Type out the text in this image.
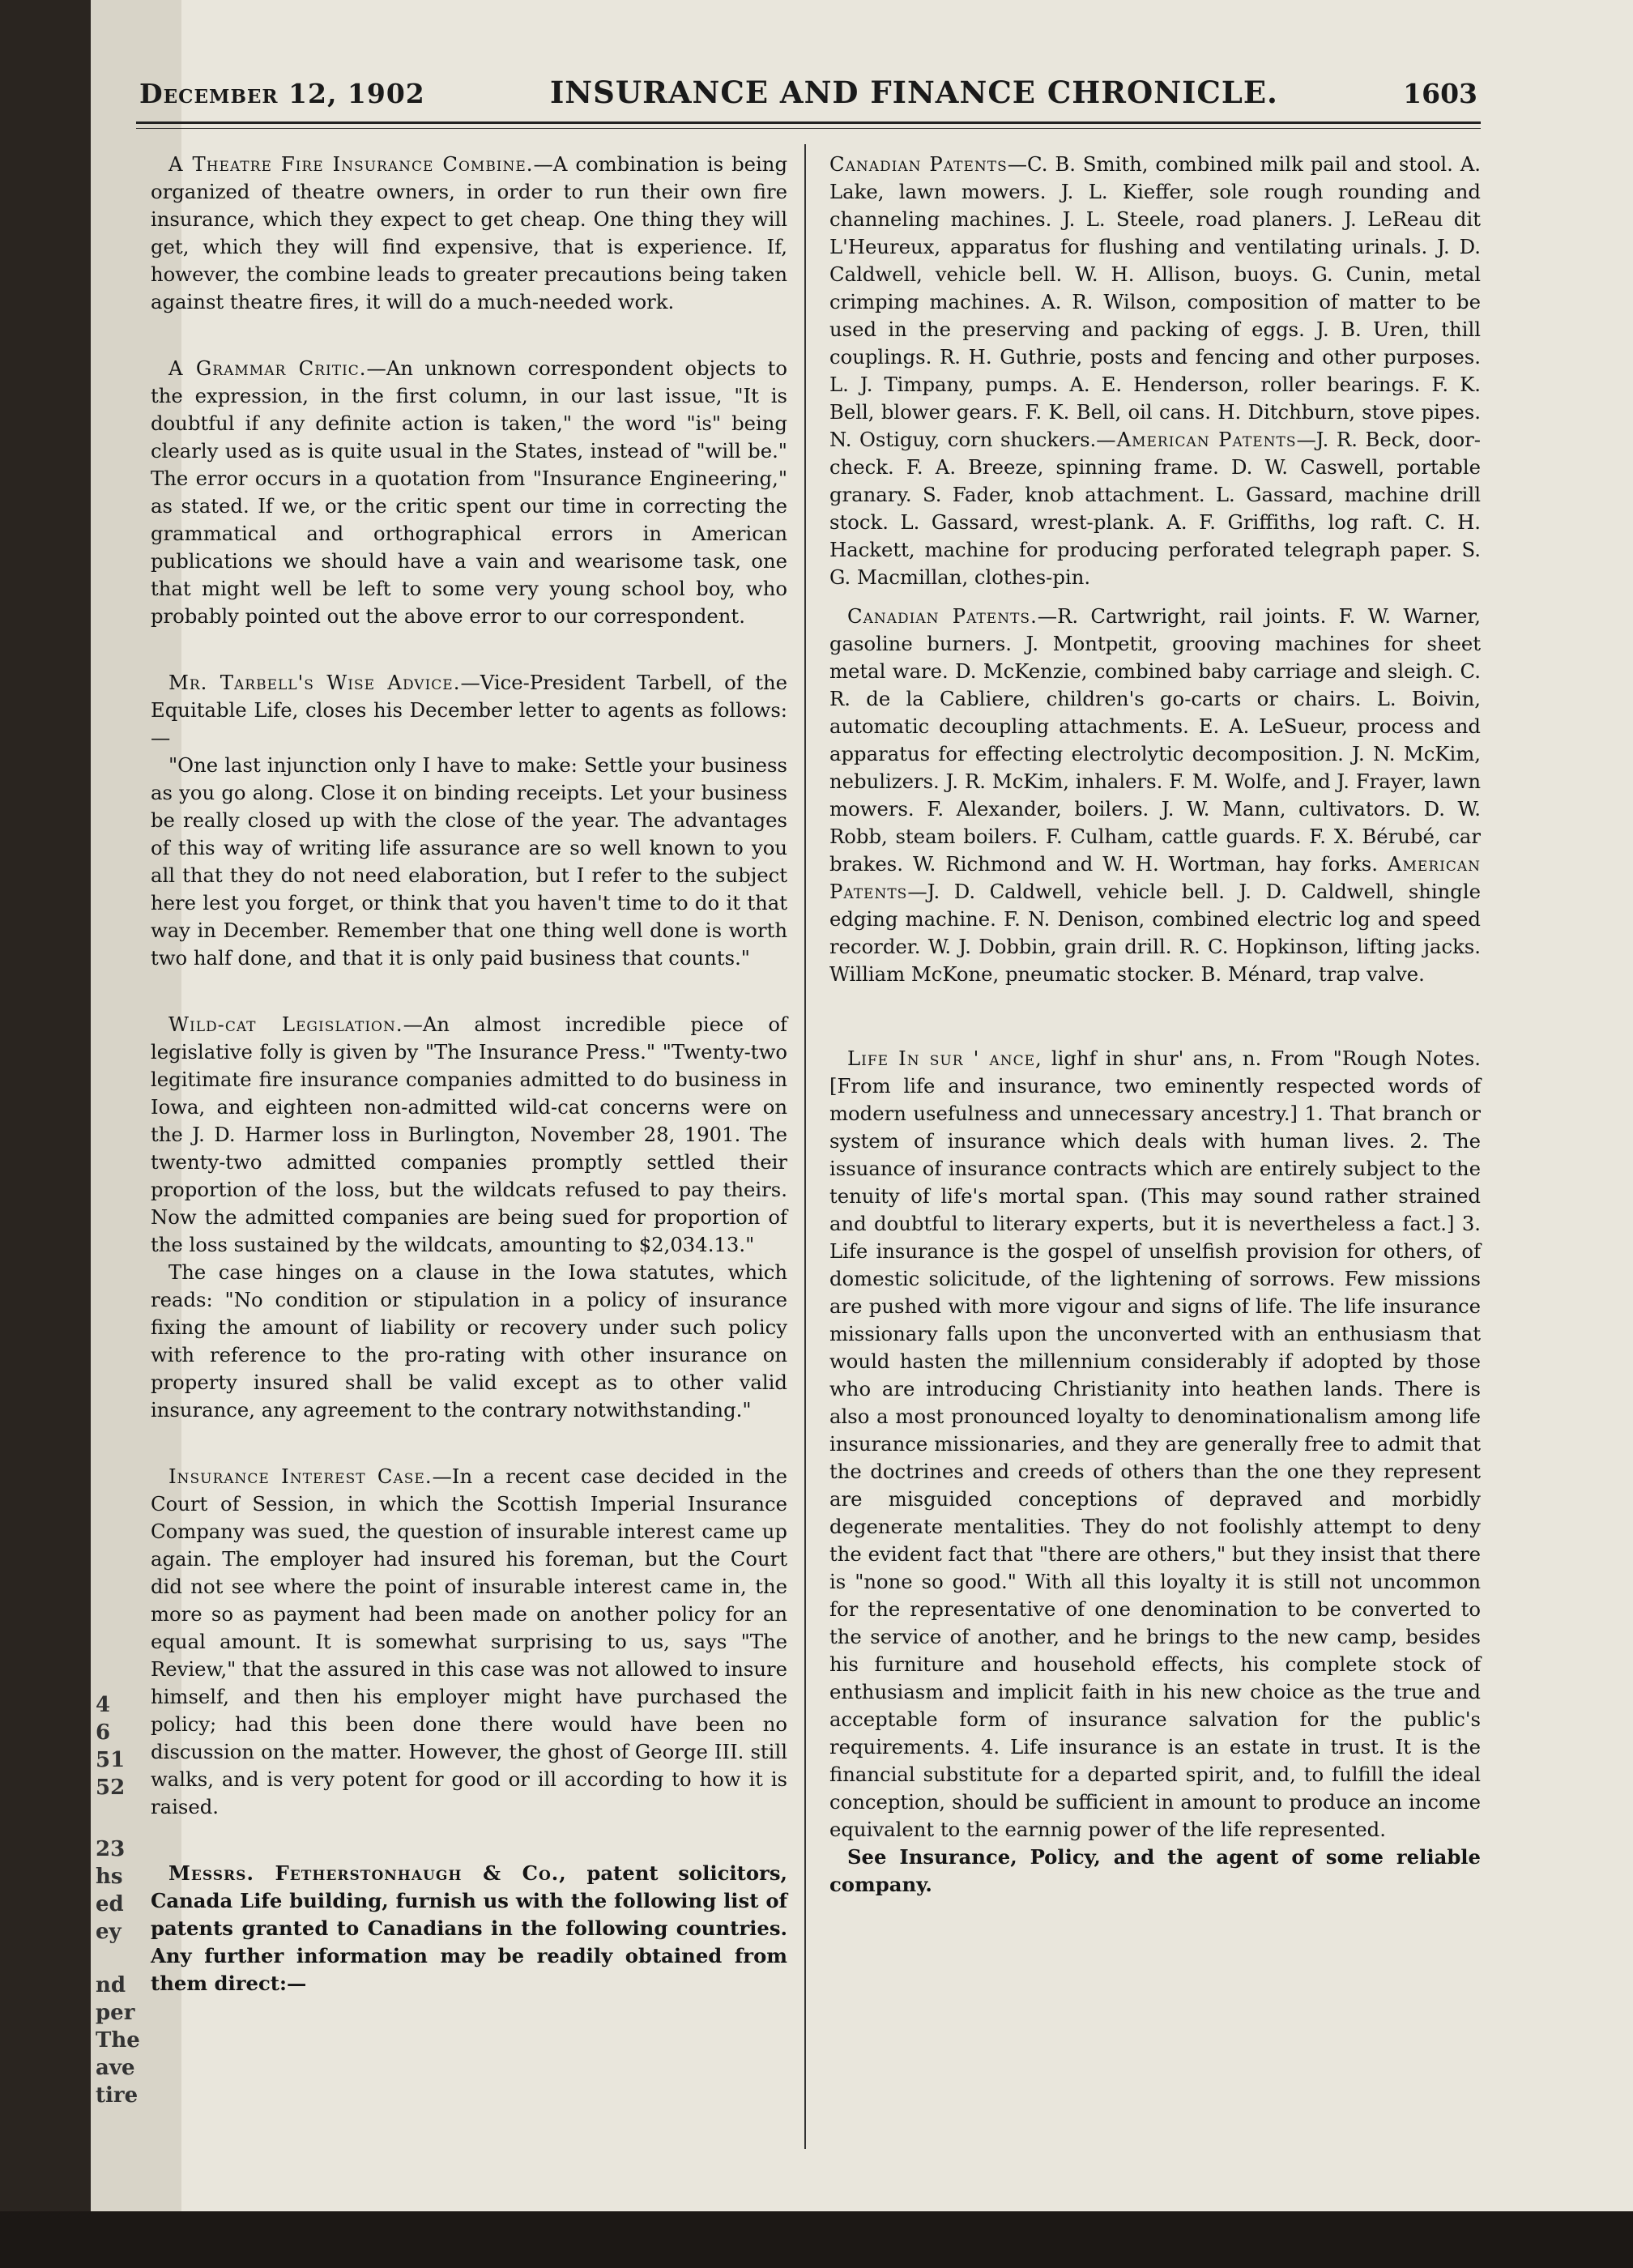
4
6
51
52
23
hs
ed
ey
nd
per
The
ave
tire
December 12, 1902	INSURANCE AND FINANCE CHRONICLE.	1603

A Theatre Fire Insurance Combine.—A combination is being organized of theatre owners, in order to run their own fire insurance, which they expect to get cheap. One thing they will get, which they will find expensive, that is experience. If, however, the combine leads to greater precautions being taken against theatre fires, it will do a much-needed work.

A Grammar Critic.—An unknown correspondent objects to the expression, in the first column, in our last issue, "It is doubtful if any definite action is taken," the word "is" being clearly used as is quite usual in the States, instead of "will be." The error occurs in a quotation from "Insurance Engineering," as stated. If we, or the critic spent our time in correcting the grammatical and orthographical errors in American publications we should have a vain and wearisome task, one that might well be left to some very young school boy, who probably pointed out the above error to our correspondent.

Mr. Tarbell's Wise Advice.—Vice-President Tarbell, of the Equitable Life, closes his December letter to agents as follows:—

"One last injunction only I have to make: Settle your business as you go along. Close it on binding receipts. Let your business be really closed up with the close of the year. The advantages of this way of writing life assurance are so well known to you all that they do not need elaboration, but I refer to the subject here lest you forget, or think that you haven't time to do it that way in December. Remember that one thing well done is worth two half done, and that it is only paid business that counts."

Wild-cat Legislation.—An almost incredible piece of legislative folly is given by "The Insurance Press." "Twenty-two legitimate fire insurance companies admitted to do business in Iowa, and eighteen non-admitted wild-cat concerns were on the J. D. Harmer loss in Burlington, November 28, 1901. The twenty-two admitted companies promptly settled their proportion of the loss, but the wildcats refused to pay theirs. Now the admitted companies are being sued for proportion of the loss sustained by the wildcats, amounting to $2,034.13."

The case hinges on a clause in the Iowa statutes, which reads: "No condition or stipulation in a policy of insurance fixing the amount of liability or recovery under such policy with reference to the pro-rating with other insurance on property insured shall be valid except as to other valid insurance, any agreement to the contrary notwithstanding."

Insurance Interest Case.—In a recent case decided in the Court of Session, in which the Scottish Imperial Insurance Company was sued, the question of insurable interest came up again. The employer had insured his foreman, but the Court did not see where the point of insurable interest came in, the more so as payment had been made on another policy for an equal amount. It is somewhat surprising to us, says "The Review," that the assured in this case was not allowed to insure himself, and then his employer might have purchased the policy; had this been done there would have been no discussion on the matter. However, the ghost of George III. still walks, and is very potent for good or ill according to how it is raised.

Messrs. Fetherstonhaugh & Co., patent solicitors, Canada Life building, furnish us with the following list of patents granted to Canadians in the following countries. Any further information may be readily obtained from them direct:—

Canadian Patents—C. B. Smith, combined milk pail and stool. A. Lake, lawn mowers. J. L. Kieffer, sole rough rounding and channeling machines. J. L. Steele, road planers. J. LeReau dit L'Heureux, apparatus for flushing and ventilating urinals. J. D. Caldwell, vehicle bell. W. H. Allison, buoys. G. Cunin, metal crimping machines. A. R. Wilson, composition of matter to be used in the preserving and packing of eggs. J. B. Uren, thill couplings. R. H. Guthrie, posts and fencing and other purposes. L. J. Timpany, pumps. A. E. Henderson, roller bearings. F. K. Bell, blower gears. F. K. Bell, oil cans. H. Ditchburn, stove pipes. N. Ostiguy, corn shuckers.—American Patents—J. R. Beck, door-check. F. A. Breeze, spinning frame. D. W. Caswell, portable granary. S. Fader, knob attachment. L. Gassard, machine drill stock. L. Gassard, wrest-plank. A. F. Griffiths, log raft. C. H. Hackett, machine for producing perforated telegraph paper. S. G. Macmillan, clothes-pin.

Canadian Patents.—R. Cartwright, rail joints. F. W. Warner, gasoline burners. J. Montpetit, grooving machines for sheet metal ware. D. McKenzie, combined baby carriage and sleigh. C. R. de la Cabliere, children's go-carts or chairs. L. Boivin, automatic decoupling attachments. E. A. LeSueur, process and apparatus for effecting electrolytic decomposition. J. N. McKim, nebulizers. J. R. McKim, inhalers. F. M. Wolfe, and J. Frayer, lawn mowers. F. Alexander, boilers. J. W. Mann, cultivators. D. W. Robb, steam boilers. F. Culham, cattle guards. F. X. Bérubé, car brakes. W. Richmond and W. H. Wortman, hay forks. American Patents—J. D. Caldwell, vehicle bell. J. D. Caldwell, shingle edging machine. F. N. Denison, combined electric log and speed recorder. W. J. Dobbin, grain drill. R. C. Hopkinson, lifting jacks. William McKone, pneumatic stocker. B. Ménard, trap valve.

Life In sur ' ance, lighf in shur' ans, n. From "Rough Notes. [From life and insurance, two eminently respected words of modern usefulness and unnecessary ancestry.] 1. That branch or system of insurance which deals with human lives. 2. The issuance of insurance contracts which are entirely subject to the tenuity of life's mortal span. (This may sound rather strained and doubtful to literary experts, but it is nevertheless a fact.] 3. Life insurance is the gospel of unselfish provision for others, of domestic solicitude, of the lightening of sorrows. Few missions are pushed with more vigour and signs of life. The life insurance missionary falls upon the unconverted with an enthusiasm that would hasten the millennium considerably if adopted by those who are introducing Christianity into heathen lands. There is also a most pronounced loyalty to denominationalism among life insurance missionaries, and they are generally free to admit that the doctrines and creeds of others than the one they represent are misguided conceptions of depraved and morbidly degenerate mentalities. They do not foolishly attempt to deny the evident fact that "there are others," but they insist that there is "none so good." With all this loyalty it is still not uncommon for the representative of one denomination to be converted to the service of another, and he brings to the new camp, besides his furniture and household effects, his complete stock of enthusiasm and implicit faith in his new choice as the true and acceptable form of insurance salvation for the public's requirements. 4. Life insurance is an estate in trust. It is the financial substitute for a departed spirit, and, to fulfill the ideal conception, should be sufficient in amount to produce an income equivalent to the earnnig power of the life represented.

See Insurance, Policy, and the agent of some reliable company.
